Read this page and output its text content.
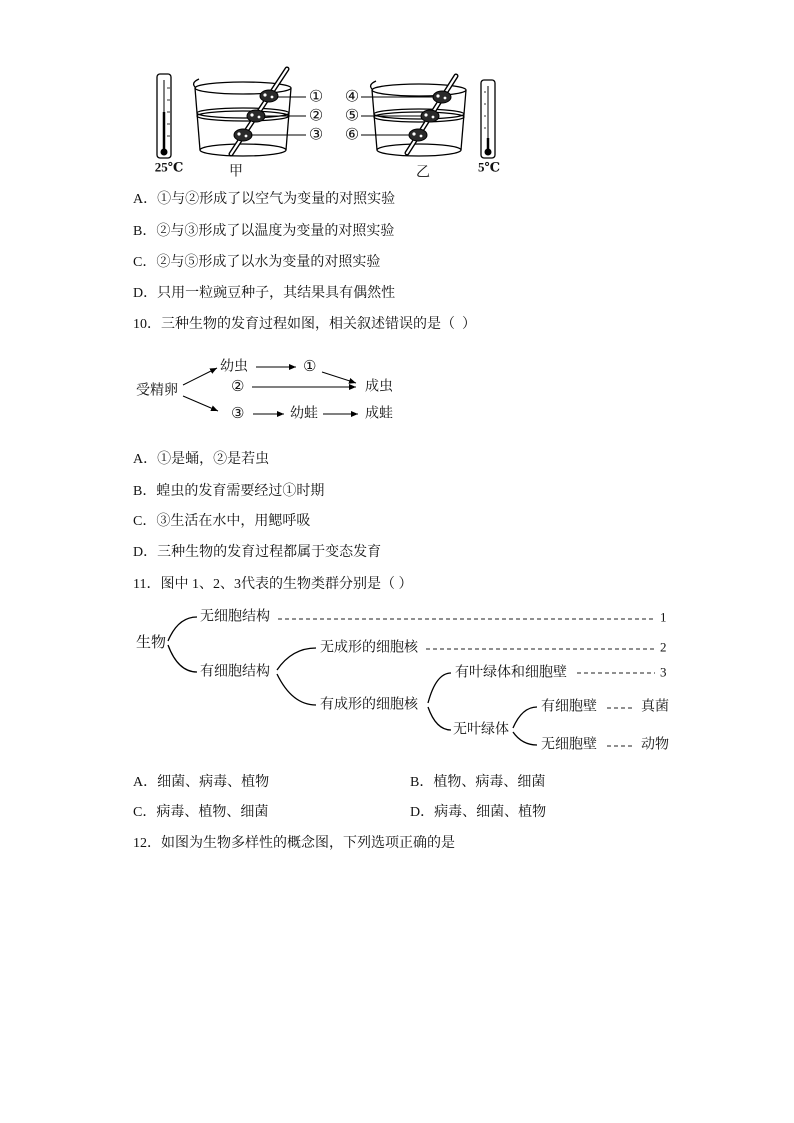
25℃
①
②
③
甲
④
⑤
⑥
乙	5℃
A．①与②形成了以空气为变量的对照实验
B．②与③形成了以温度为变量的对照实验
C．②与⑤形成了以水为变量的对照实验
D．只用一粒豌豆种子，其结果具有偶然性
10．三种生物的发育过程如图，相关叙述错误的是（  ）
受精卵
幼虫	①
②	成虫
③	幼蛙	成蛙
A．①是蛹，②是若虫
B．蝗虫的发育需要经过①时期
C．③生活在水中，用鳃呼吸
D．三种生物的发育过程都属于变态发育
11．图中 1、2、3代表的生物类群分别是（ ）
生物
无细胞结构	1
有细胞结构
无成形的细胞核	2
有成形的细胞核
有叶绿体和细胞壁	3
无叶绿体
有细胞壁	真菌
无细胞壁	动物
A．细菌、病毒、植物	B．植物、病毒、细菌
C．病毒、植物、细菌	D．病毒、细菌、植物
12．如图为生物多样性的概念图，下列选项正确的是
